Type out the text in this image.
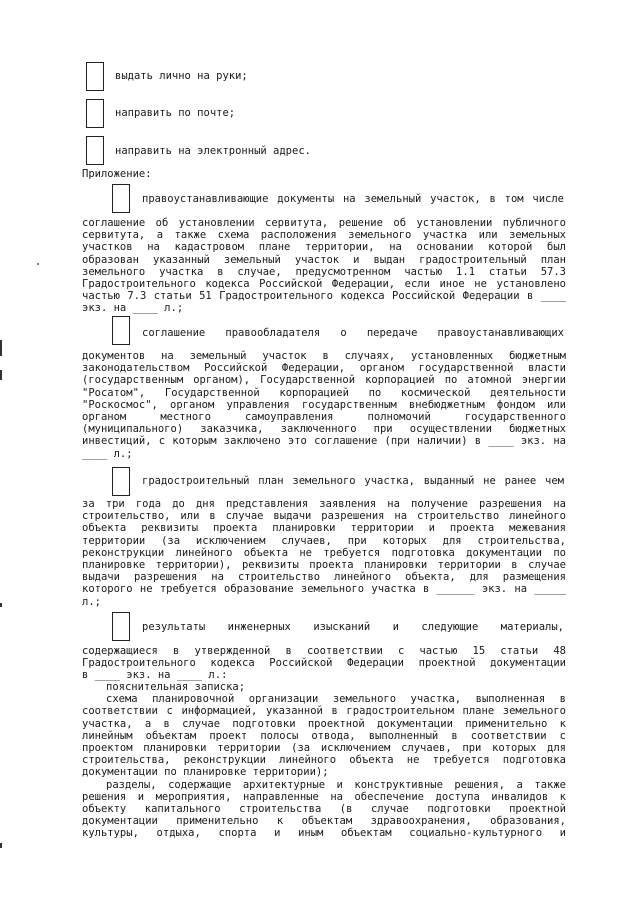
выдать лично на руки;
направить по почте;
направить на электронный адрес.
Приложение:
правоустанавливающие документы на земельный участок, в том числе
соглашение об установлении сервитута, решение об установлении публичного
сервитута, а также схема расположения земельного участка или земельных
участков на кадастровом плане территории, на основании которой был
образован указанный земельный участок и выдан градостроительный план
земельного участка в случае, предусмотренном частью 1.1 статьи 57.3
Градостроительного кодекса Российской Федерации, если иное не установлено
частью 7.3 статьи 51 Градостроительного кодекса Российской Федерации в ____
экз. на ____ л.;
соглашение правообладателя о передаче правоустанавливающих
документов на земельный участок в случаях, установленных бюджетным
законодательством Российской Федерации, органом государственной власти
(государственным органом), Государственной корпорацией по атомной энергии
"Росатом", Государственной корпорацией по космической деятельности
"Роскосмос", органом управления государственным внебюджетным фондом или
органом местного самоуправления полномочий государственного
(муниципального) заказчика, заключенного при осуществлении бюджетных
инвестиций, с которым заключено это соглашение (при наличии) в ____ экз. на
____ л.;
градостроительный план земельного участка, выданный не ранее чем
за три года до дня представления заявления на получение разрешения на
строительство, или в случае выдачи разрешения на строительство линейного
объекта реквизиты проекта планировки территории и проекта межевания
территории (за исключением случаев, при которых для строительства,
реконструкции линейного объекта не требуется подготовка документации по
планировке территории), реквизиты проекта планировки территории в случае
выдачи разрешения на строительство линейного объекта, для размещения
которого не требуется образование земельного участка в ______ экз. на _____
л.;
результаты инженерных изысканий и следующие материалы,
содержащиеся в утвержденной в соответствии с частью 15 статьи 48
Градостроительного кодекса Российской Федерации проектной документации
в ____ экз. на ____ л.:
пояснительная записка;
схема планировочной организации земельного участка, выполненная в
соответствии с информацией, указанной в градостроительном плане земельного
участка, а в случае подготовки проектной документации применительно к
линейным объектам проект полосы отвода, выполненный в соответствии с
проектом планировки территории (за исключением случаев, при которых для
строительства, реконструкции линейного объекта не требуется подготовка
документации по планировке территории);
разделы, содержащие архитектурные и конструктивные решения, а также
решения и мероприятия, направленные на обеспечение доступа инвалидов к
объекту капитального строительства (в случае подготовки проектной
документации применительно к объектам здравоохранения, образования,
культуры, отдыха, спорта и иным объектам социально-культурного и
